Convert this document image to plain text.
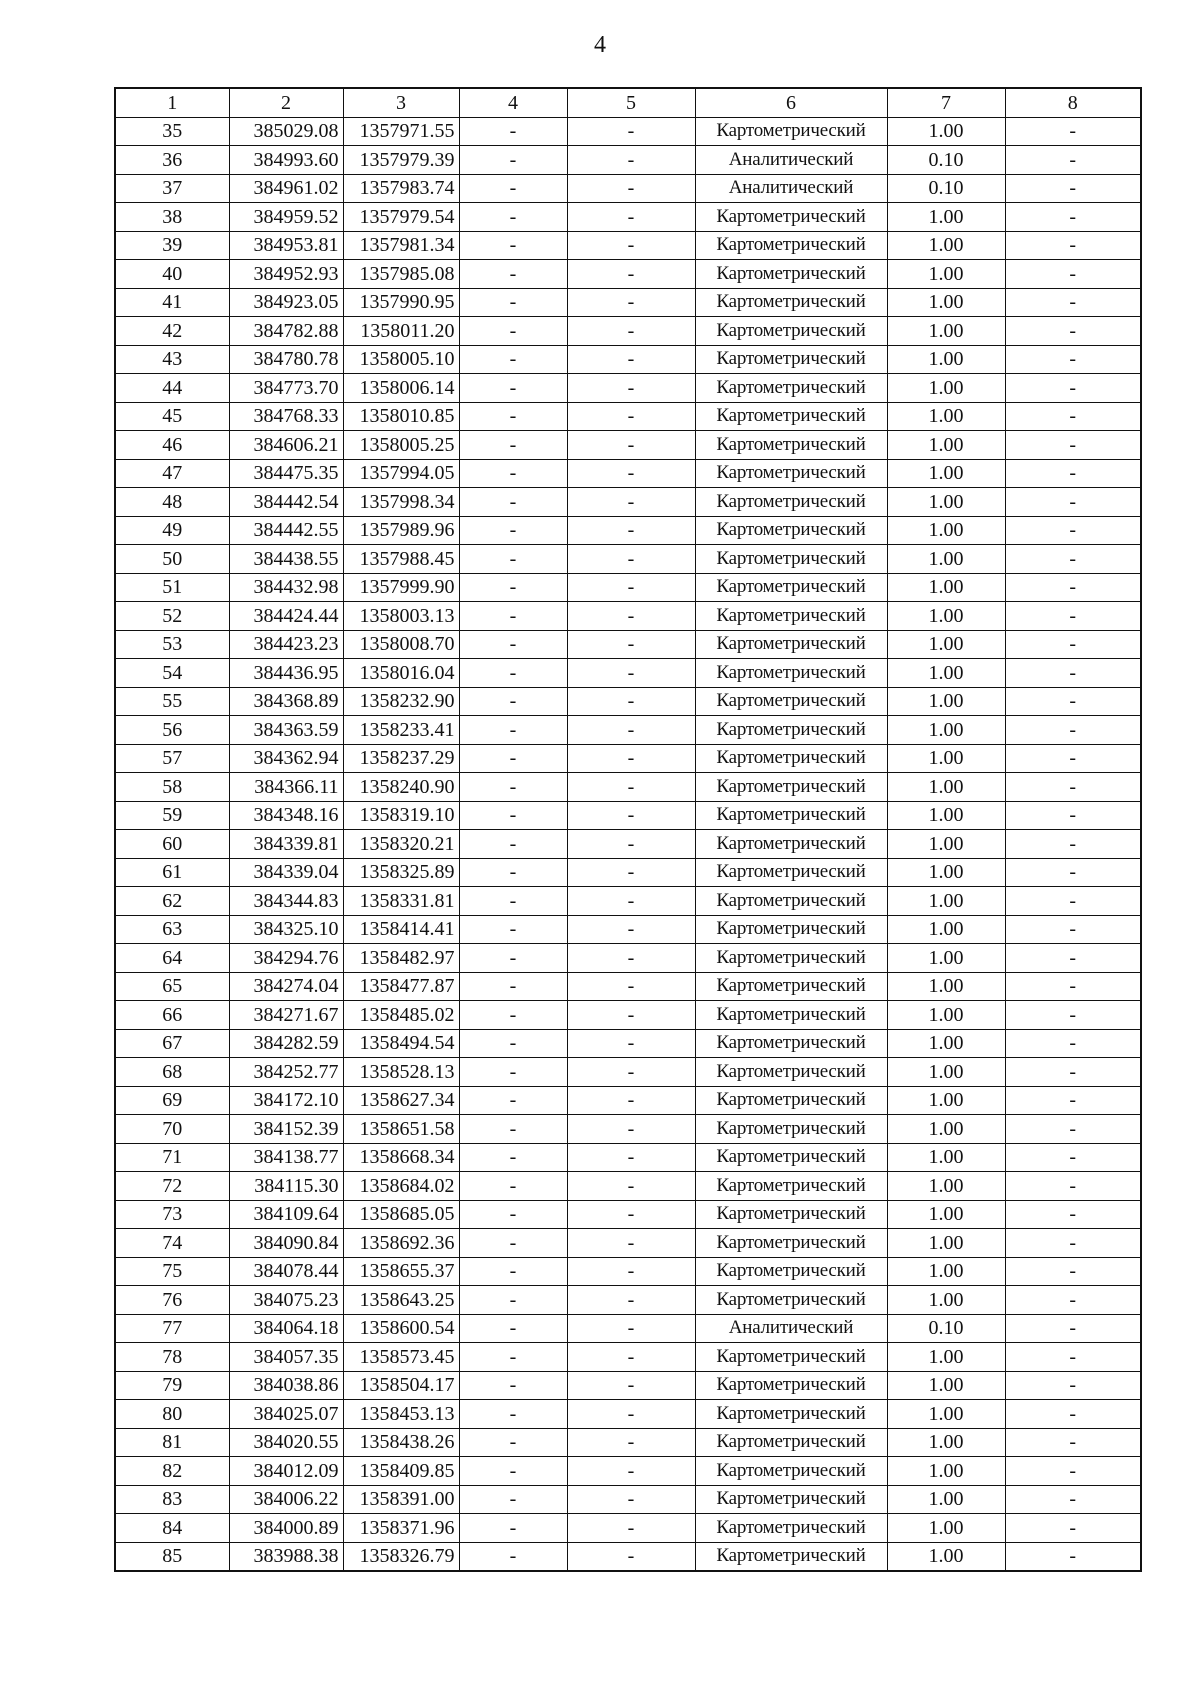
4
1	2	3	4	5	6	7	8
35	385029.08	1357971.55	-	-	Картометрический	1.00	-
36	384993.60	1357979.39	-	-	Аналитический	0.10	-
37	384961.02	1357983.74	-	-	Аналитический	0.10	-
38	384959.52	1357979.54	-	-	Картометрический	1.00	-
39	384953.81	1357981.34	-	-	Картометрический	1.00	-
40	384952.93	1357985.08	-	-	Картометрический	1.00	-
41	384923.05	1357990.95	-	-	Картометрический	1.00	-
42	384782.88	1358011.20	-	-	Картометрический	1.00	-
43	384780.78	1358005.10	-	-	Картометрический	1.00	-
44	384773.70	1358006.14	-	-	Картометрический	1.00	-
45	384768.33	1358010.85	-	-	Картометрический	1.00	-
46	384606.21	1358005.25	-	-	Картометрический	1.00	-
47	384475.35	1357994.05	-	-	Картометрический	1.00	-
48	384442.54	1357998.34	-	-	Картометрический	1.00	-
49	384442.55	1357989.96	-	-	Картометрический	1.00	-
50	384438.55	1357988.45	-	-	Картометрический	1.00	-
51	384432.98	1357999.90	-	-	Картометрический	1.00	-
52	384424.44	1358003.13	-	-	Картометрический	1.00	-
53	384423.23	1358008.70	-	-	Картометрический	1.00	-
54	384436.95	1358016.04	-	-	Картометрический	1.00	-
55	384368.89	1358232.90	-	-	Картометрический	1.00	-
56	384363.59	1358233.41	-	-	Картометрический	1.00	-
57	384362.94	1358237.29	-	-	Картометрический	1.00	-
58	384366.11	1358240.90	-	-	Картометрический	1.00	-
59	384348.16	1358319.10	-	-	Картометрический	1.00	-
60	384339.81	1358320.21	-	-	Картометрический	1.00	-
61	384339.04	1358325.89	-	-	Картометрический	1.00	-
62	384344.83	1358331.81	-	-	Картометрический	1.00	-
63	384325.10	1358414.41	-	-	Картометрический	1.00	-
64	384294.76	1358482.97	-	-	Картометрический	1.00	-
65	384274.04	1358477.87	-	-	Картометрический	1.00	-
66	384271.67	1358485.02	-	-	Картометрический	1.00	-
67	384282.59	1358494.54	-	-	Картометрический	1.00	-
68	384252.77	1358528.13	-	-	Картометрический	1.00	-
69	384172.10	1358627.34	-	-	Картометрический	1.00	-
70	384152.39	1358651.58	-	-	Картометрический	1.00	-
71	384138.77	1358668.34	-	-	Картометрический	1.00	-
72	384115.30	1358684.02	-	-	Картометрический	1.00	-
73	384109.64	1358685.05	-	-	Картометрический	1.00	-
74	384090.84	1358692.36	-	-	Картометрический	1.00	-
75	384078.44	1358655.37	-	-	Картометрический	1.00	-
76	384075.23	1358643.25	-	-	Картометрический	1.00	-
77	384064.18	1358600.54	-	-	Аналитический	0.10	-
78	384057.35	1358573.45	-	-	Картометрический	1.00	-
79	384038.86	1358504.17	-	-	Картометрический	1.00	-
80	384025.07	1358453.13	-	-	Картометрический	1.00	-
81	384020.55	1358438.26	-	-	Картометрический	1.00	-
82	384012.09	1358409.85	-	-	Картометрический	1.00	-
83	384006.22	1358391.00	-	-	Картометрический	1.00	-
84	384000.89	1358371.96	-	-	Картометрический	1.00	-
85	383988.38	1358326.79	-	-	Картометрический	1.00	-
